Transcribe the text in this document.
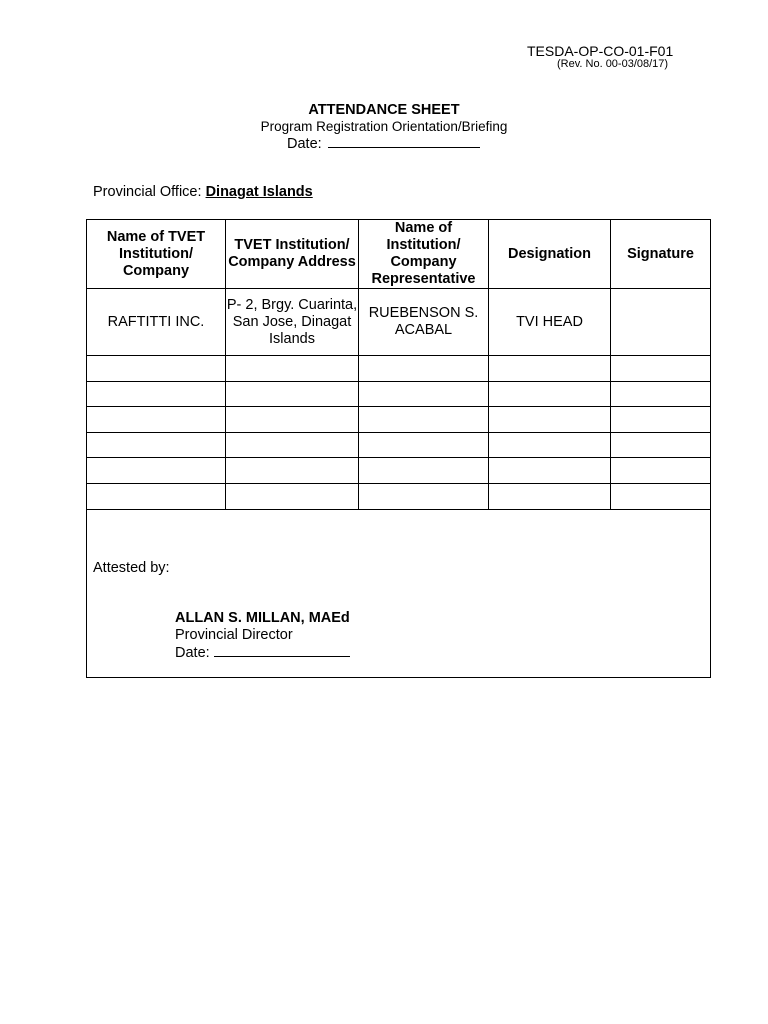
TESDA-OP-CO-01-F01
(Rev. No. 00-03/08/17)
ATTENDANCE SHEET
Program Registration Orientation/Briefing
Date:
Provincial Office: Dinagat Islands
Name of TVET Institution/ Company	TVET Institution/ Company Address	Name of Institution/ Company Representative	Designation	Signature
RAFTITTI INC.	P- 2, Brgy. Cuarinta, San Jose, Dinagat Islands	RUEBENSON S. ACABAL	TVI HEAD	

Attested by:
ALLAN S. MILLAN, MAEd
Provincial Director
Date:				
